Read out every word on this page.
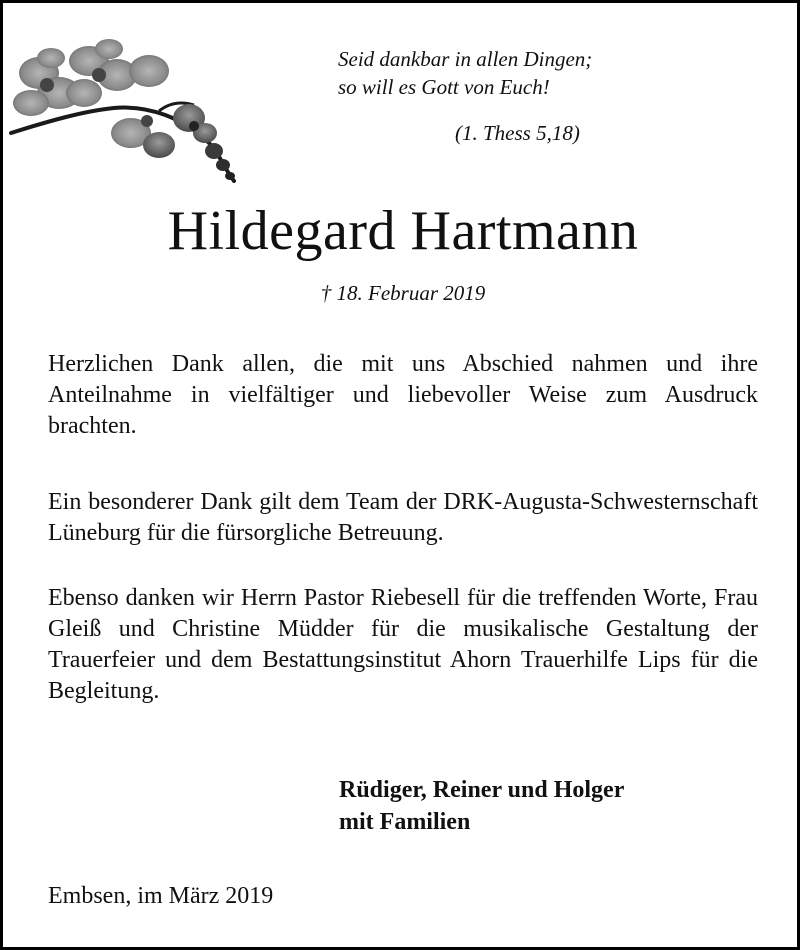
Seid dankbar in allen Dingen;
so will es Gott von Euch!
(1. Thess 5,18)
Hildegard Hartmann
† 18. Februar 2019
Herzlichen Dank allen, die mit uns Abschied nahmen und ihre Anteilnahme in vielfältiger und liebevoller Weise zum Ausdruck brachten.
Ein besonderer Dank gilt dem Team der DRK-Augusta-Schwesternschaft Lüneburg für die fürsorgliche Betreuung.
Ebenso danken wir Herrn Pastor Riebesell für die treffenden Worte, Frau Gleiß und Christine Müdder für die musikalische Gestaltung der Trauerfeier und dem Bestattungsinstitut Ahorn Trauerhilfe Lips für die Begleitung.
Rüdiger, Reiner und Holger
mit Familien
Embsen, im März 2019
